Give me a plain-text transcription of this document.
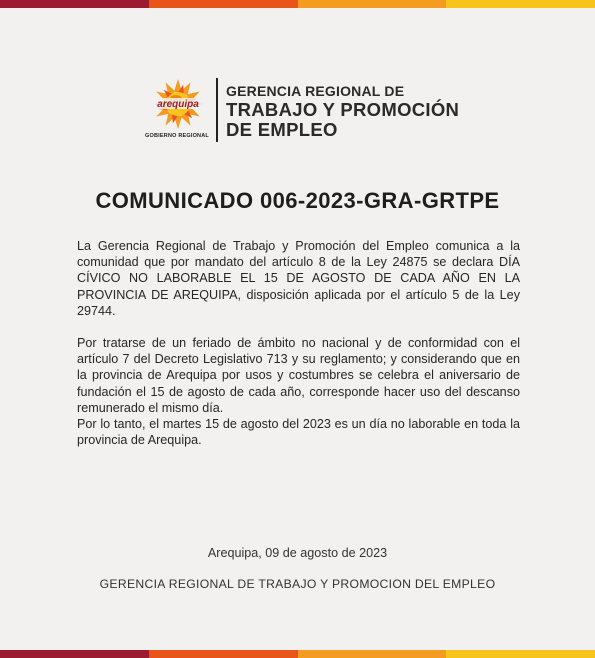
arequipa
GOBIERNO REGIONAL
GERENCIA REGIONAL DE
TRABAJO Y PROMOCIÓN
DE EMPLEO
COMUNICADO 006-2023-GRA-GRTPE

La Gerencia Regional de Trabajo y Promoción del Empleo comunica a la comunidad que por mandato del artículo 8 de la Ley 24875 se declara DÍA CÍVICO NO LABORABLE EL 15 DE AGOSTO DE CADA AÑO EN LA PROVINCIA DE AREQUIPA, disposición aplicada por el artículo 5 de la Ley 29744.

Por tratarse de un feriado de ámbito no nacional y de conformidad con el artículo 7 del Decreto Legislativo 713 y su reglamento; y considerando que en la provincia de Arequipa por usos y costumbres se celebra el aniversario de fundación el 15 de agosto de cada año, corresponde hacer uso del descanso remunerado el mismo día.

Por lo tanto, el martes 15 de agosto del 2023 es un día no laborable en toda la provincia de Arequipa.

Arequipa, 09 de agosto de 2023
GERENCIA REGIONAL DE TRABAJO Y PROMOCION DEL EMPLEO
